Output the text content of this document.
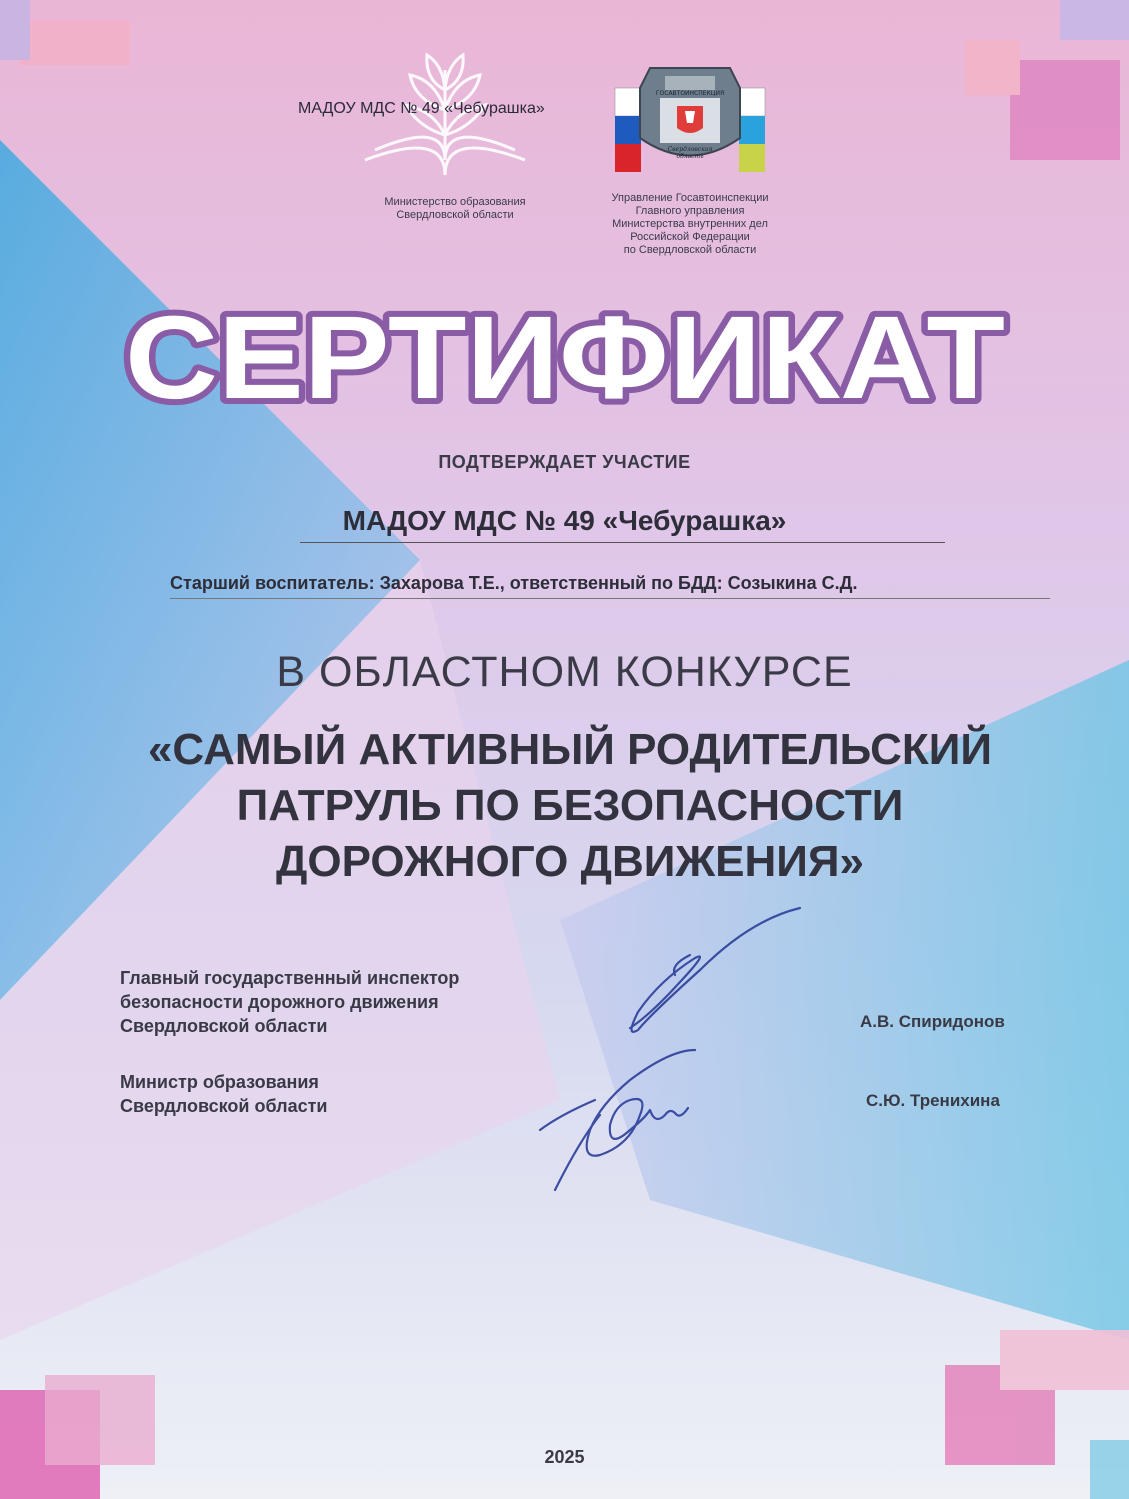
МАДОУ МДС № 49 «Чебурашка»
Министерство образования
Свердловской области
ГОСАВТОИНСПЕКЦИЯ
Свердловская
область
Управление Госавтоинспекции
Главного управления
Министерства внутренних дел
Российской Федерации
по Свердловской области
СЕРТИФИКАТ
ПОДТВЕРЖДАЕТ УЧАСТИЕ
МАДОУ МДС № 49 «Чебурашка»
Старший воспитатель: Захарова Т.Е., ответственный по БДД: Созыкина С.Д.
В ОБЛАСТНОМ КОНКУРСЕ
«САМЫЙ АКТИВНЫЙ РОДИТЕЛЬСКИЙ
ПАТРУЛЬ ПО БЕЗОПАСНОСТИ
ДОРОЖНОГО ДВИЖЕНИЯ»
Главный государственный инспектор
безопасности дорожного движения
Свердловской области	А.В. Спиридонов
Министр образования
Свердловской области	С.Ю. Тренихина
2025
